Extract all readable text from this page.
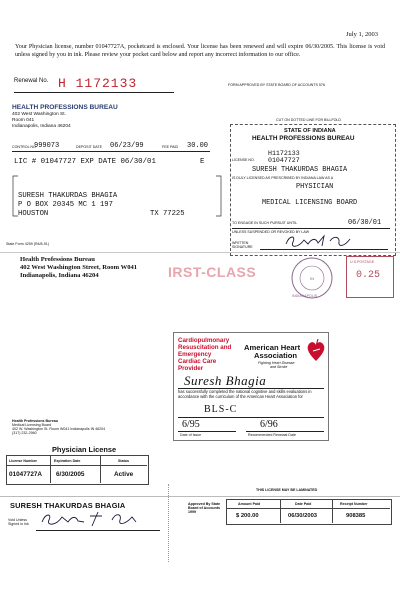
July 1, 2003
Your Physician license, number 01047727A, pocketcard is enclosed. Your license has been renewed and will expire 06/30/2005. This license is void unless signed by you in ink. Please review your pocket card below and report any incorrect information to our office.
Renewal No. H 1172133	FORM APPROVED BY STATE BOARD OF ACCOUNTS 576
HEALTH PROFESSIONS BUREAU
402 West Washington St.
Room 041
Indianapolis, Indiana 46204
CONTROL NO
999073	DEPOSIT DATE 06/23/99	FEE PAID 30.00
LIC # 01047727 EXP DATE 06/30/01	E
SURESH THAKURDAS BHAGIA
P O BOX 20345 MC 1 197
HOUSTON	TX 77225
State Form 4259 (R4/8-91)
CUT ON DOTTED LINE FOR BILLFOLD
STATE OF INDIANA
HEALTH PROFESSIONS BUREAU
H1172133
LICENSE NO. 01047727
SURESH THAKURDAS BHAGIA
IS DULY LICENSED AS PRESCRIBED BY INDIANA LAW AS A
PHYSICIAN
MEDICAL LICENSING BOARD
TO ENGAGE IN SUCH PURSUIT UNTIL	06/30/01
UNLESS SUSPENDED OR REVOKED BY LAW
WRITTEN SIGNATURE
Health Professions Bureau
402 West Washington Street, Room W041
Indianapolis, Indiana 46204	IRST-CLASS	IN
INDIANAPOLIS
U.S.POSTAGE
0.25
Cardiopulmonary
Resuscitation and
Emergency
Cardiac Care
Provider
American Heart
Association
Fighting Heart Disease
and Stroke
Suresh Bhagia
has successfully completed the national cognitive and skills evaluations in accordance with the curriculum of the American Heart Association for
BLS-C
6/95	6/96
Date of Issue	Recommended Renewal Date
Health Professions Bureau
Medical Licensing Board
402 W. Washington St. Room W041 Indianapolis IN 46204
(317) 232-2960
Physician License
License Number	Expiration Date	Status
01047727A 6/30/2005	Active
SURESH THAKURDAS BHAGIA
Void Unless Signed in Ink
THIS LICENSE MAY BE LAMINATED
Approved By State Board of Accounts 1999
Amount Paid	Date Paid	Receipt Number
$ 200.00	06/30/2003	908385
